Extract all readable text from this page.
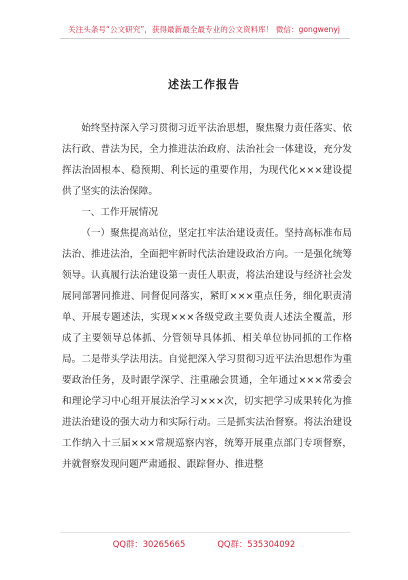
关注头条号“公文研究”，获得最新最全最专业的公文资料库！ 微信：gongwenyj
述法工作报告

始终坚持深入学习贯彻习近平法治思想，聚焦聚力责任落实、依法行政、普法为民，全力推进法治政府、法治社会一体建设，充分发挥法治固根本、稳预期、利长远的重要作用，为现代化×××建设提供了坚实的法治保障。

一、工作开展情况

（一）聚焦提高站位，坚定扛牢法治建设责任。坚持高标准布局法治、推进法治，全面把牢新时代法治建设政治方向。一是强化统筹领导。认真履行法治建设第一责任人职责，将法治建设与经济社会发展同部署同推进、同督促同落实，紧盯×××重点任务，细化职责清单、开展专题述法，实现×××各级党政主要负责人述法全覆盖，形成了主要领导总体抓、分管领导具体抓、相关单位协同抓的工作格局。二是带头学法用法。自觉把深入学习贯彻习近平法治思想作为重要政治任务，及时跟学深学、注重融会贯通，全年通过×××常委会和理论学习中心组开展法治学习×××次，切实把学习成果转化为推进法治建设的强大动力和实际行动。三是抓实法治督察。将法治建设工作纳入十三届×××常规巡察内容，统筹开展重点部门专项督察，并就督察发现问题严肃通报、跟踪督办、推进整

QQ群：30265665	QQ群：535304092
